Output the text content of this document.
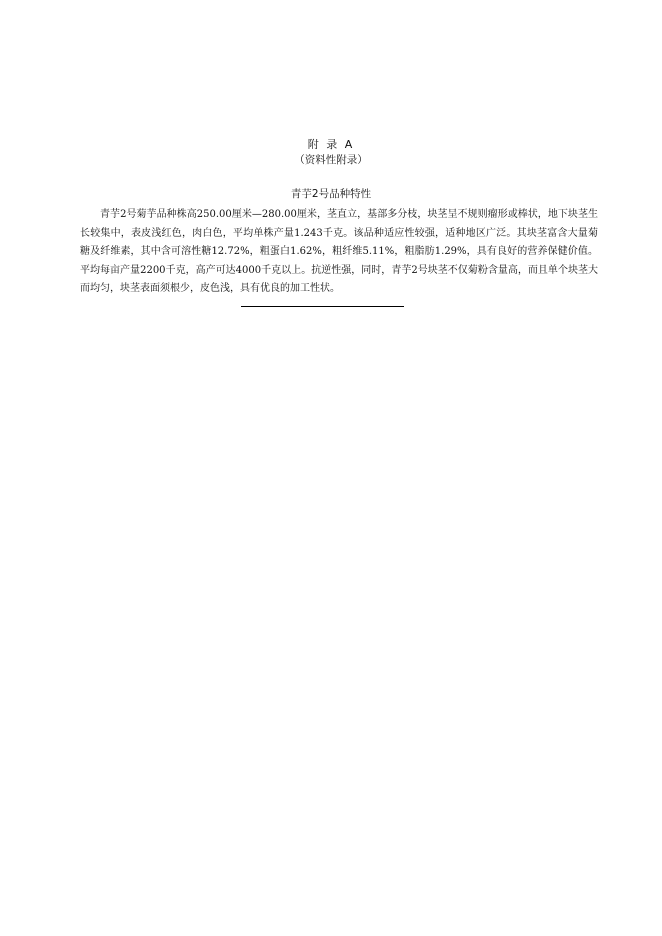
附 录 A
（资料性附录）
青芋2号品种特性

青芋2号菊芋品种株高250.00厘米—280.00厘米，茎直立，基部多分枝，块茎呈不规则瘤形或棒状，地下块茎生长较集中，表皮浅红色，肉白色，平均单株产量1.243千克。该品种适应性较强，适种地区广泛。其块茎富含大量菊糖及纤维素，其中含可溶性糖12.72%，粗蛋白1.62%，粗纤维5.11%，粗脂肪1.29%，具有良好的营养保健价值。平均每亩产量2200千克，高产可达4000千克以上。抗逆性强，同时，青芋2号块茎不仅菊粉含量高，而且单个块茎大而均匀，块茎表面须根少，皮色浅，具有优良的加工性状。
